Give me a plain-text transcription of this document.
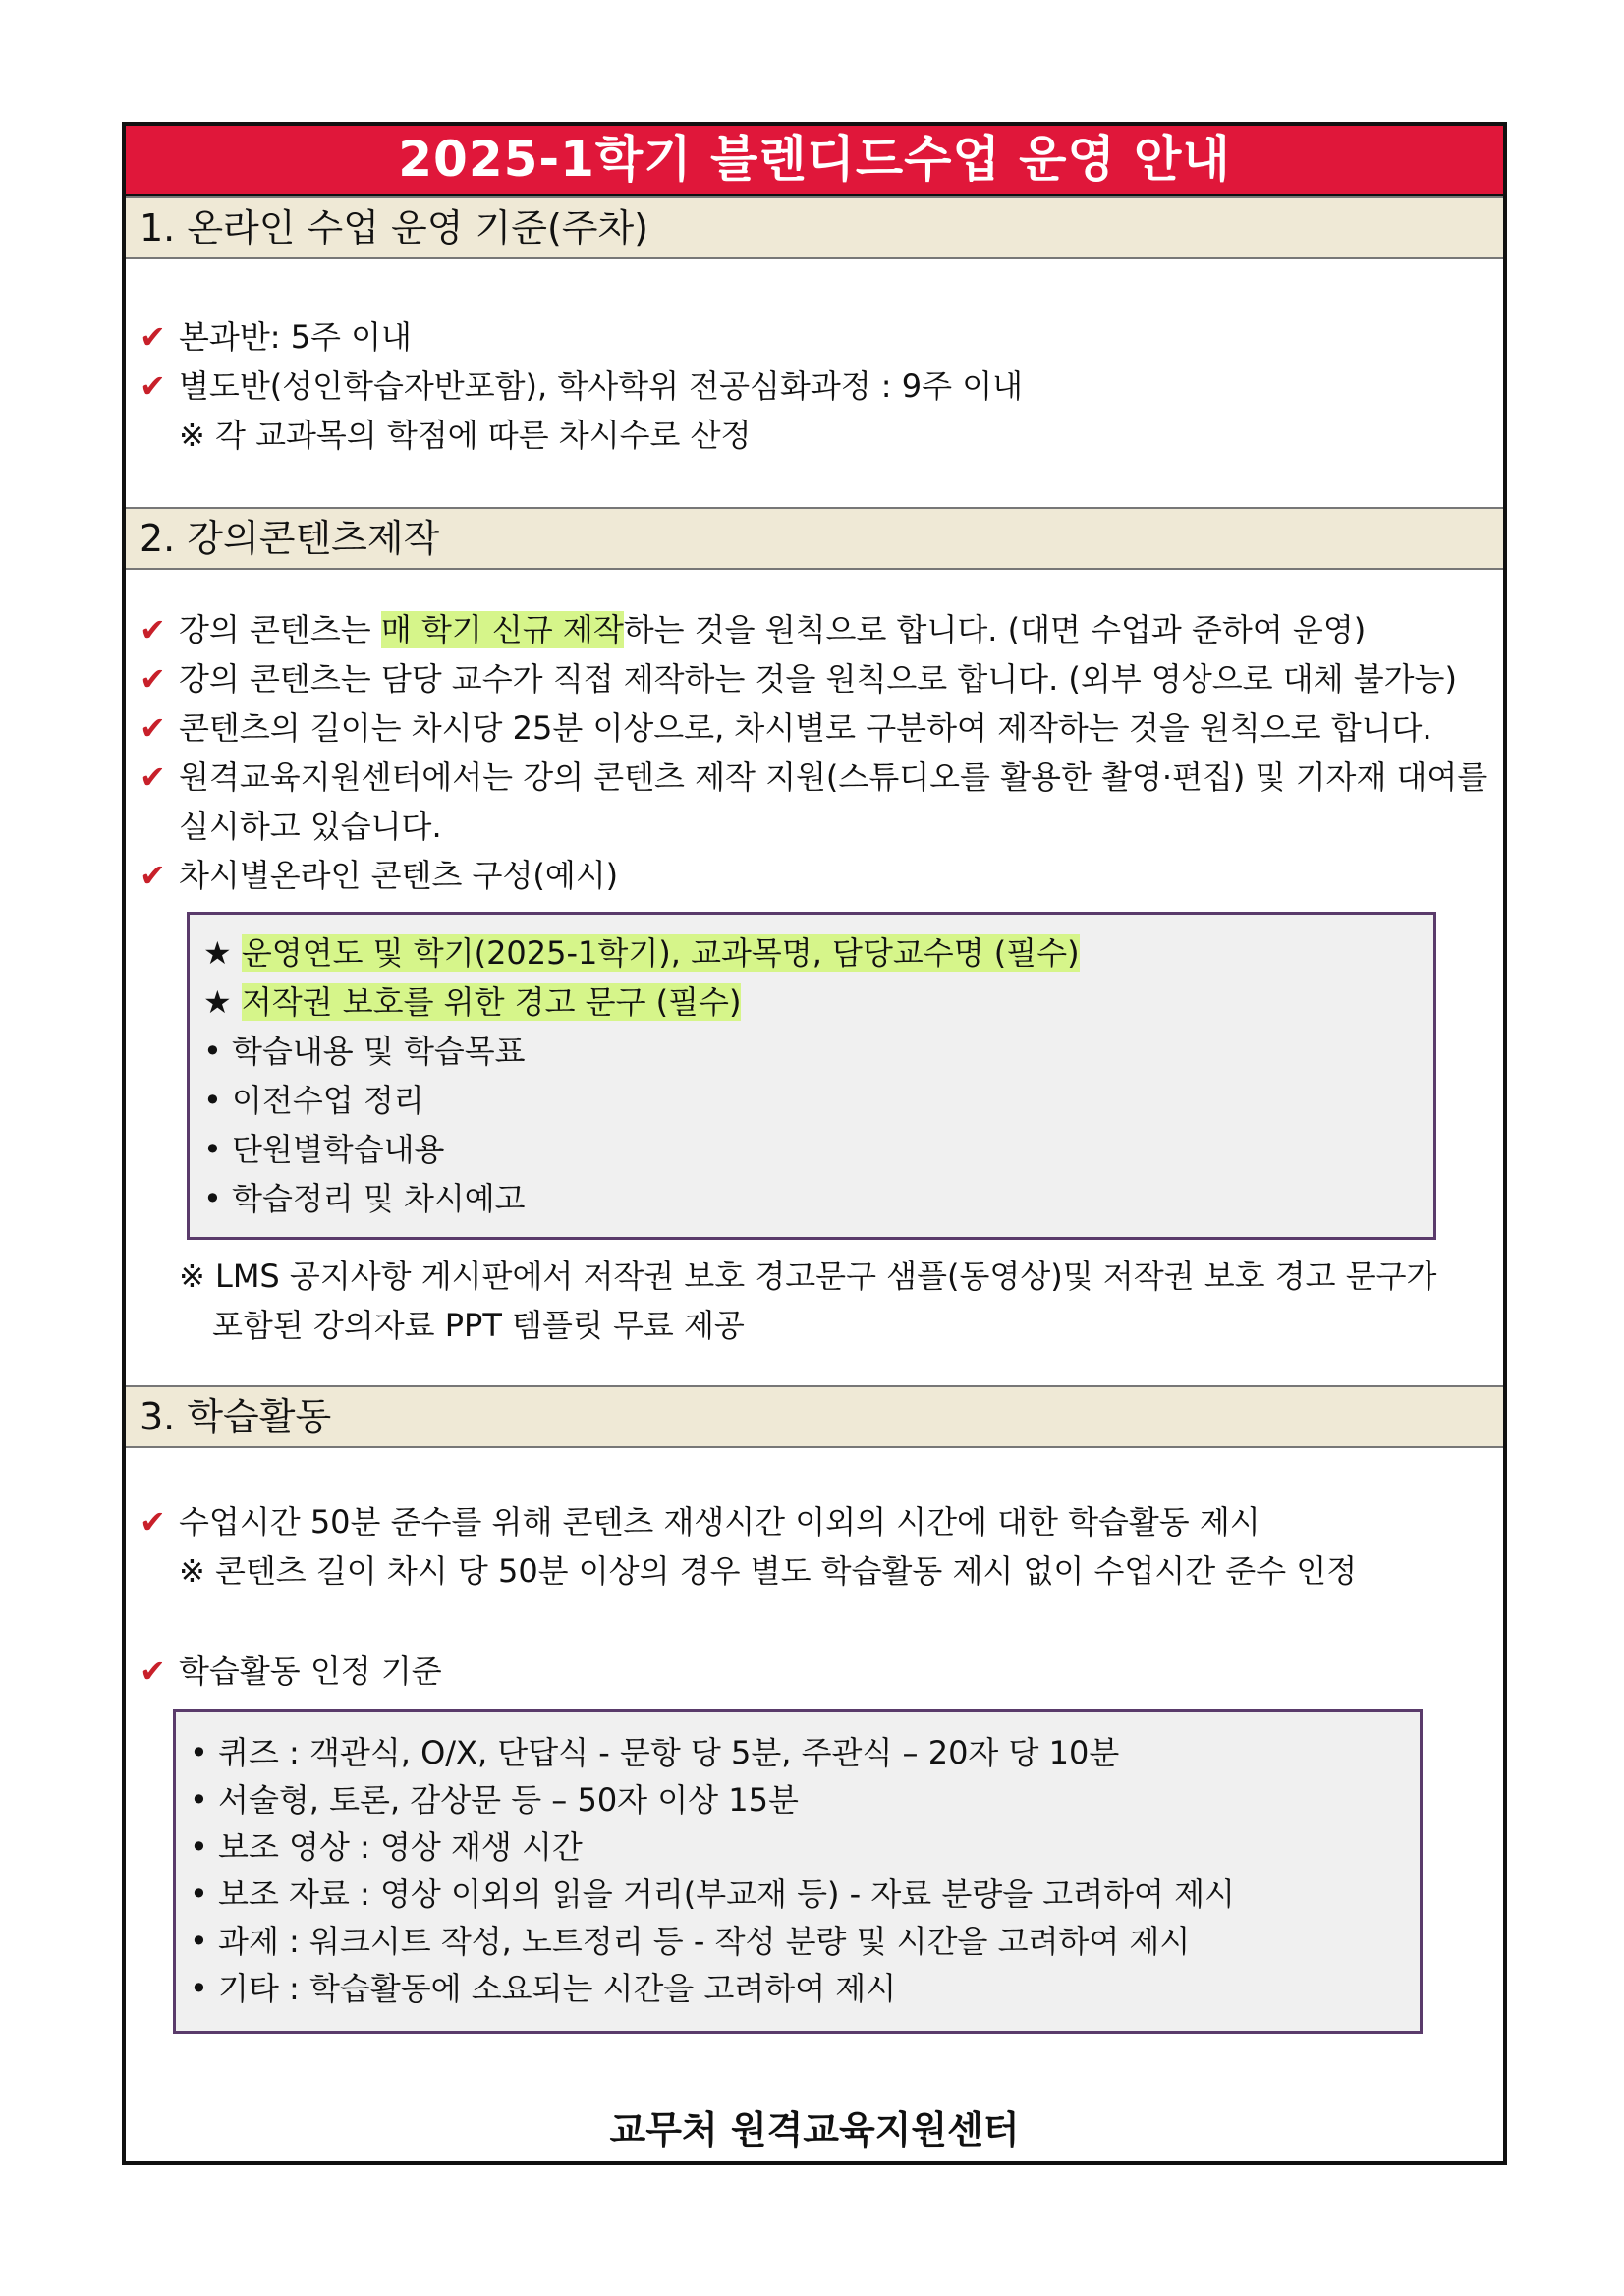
2025-1학기 블렌디드수업 운영 안내
1. 온라인 수업 운영 기준(주차)
✔ 본과반: 5주 이내
✔ 별도반(성인학습자반포함), 학사학위 전공심화과정 : 9주 이내
※ 각 교과목의 학점에 따른 차시수로 산정
2. 강의콘텐츠제작
✔ 강의 콘텐츠는 매 학기 신규 제작하는 것을 원칙으로 합니다. (대면 수업과 준하여 운영)
✔ 강의 콘텐츠는 담당 교수가 직접 제작하는 것을 원칙으로 합니다. (외부 영상으로 대체 불가능)
✔ 콘텐츠의 길이는 차시당 25분 이상으로, 차시별로 구분하여 제작하는 것을 원칙으로 합니다.
✔ 원격교육지원센터에서는 강의 콘텐츠 제작 지원(스튜디오를 활용한 촬영·편집) 및 기자재 대여를
실시하고 있습니다.
✔ 차시별온라인 콘텐츠 구성(예시)
★ 운영연도 및 학기(2025-1학기), 교과목명, 담당교수명 (필수)
★ 저작권 보호를 위한 경고 문구 (필수)
• 학습내용 및 학습목표
• 이전수업 정리
• 단원별학습내용
• 학습정리 및 차시예고
※ LMS 공지사항 게시판에서 저작권 보호 경고문구 샘플(동영상)및 저작권 보호 경고 문구가
포함된 강의자료 PPT 템플릿 무료 제공
3. 학습활동
✔ 수업시간 50분 준수를 위해 콘텐츠 재생시간 이외의 시간에 대한 학습활동 제시
※ 콘텐츠 길이 차시 당 50분 이상의 경우 별도 학습활동 제시 없이 수업시간 준수 인정
✔ 학습활동 인정 기준
• 퀴즈 : 객관식, O/X, 단답식 - 문항 당 5분, 주관식 – 20자 당 10분
• 서술형, 토론, 감상문 등 – 50자 이상 15분
• 보조 영상 : 영상 재생 시간
• 보조 자료 : 영상 이외의 읽을 거리(부교재 등) - 자료 분량을 고려하여 제시
• 과제 : 워크시트 작성, 노트정리 등 - 작성 분량 및 시간을 고려하여 제시
• 기타 : 학습활동에 소요되는 시간을 고려하여 제시
교무처 원격교육지원센터
